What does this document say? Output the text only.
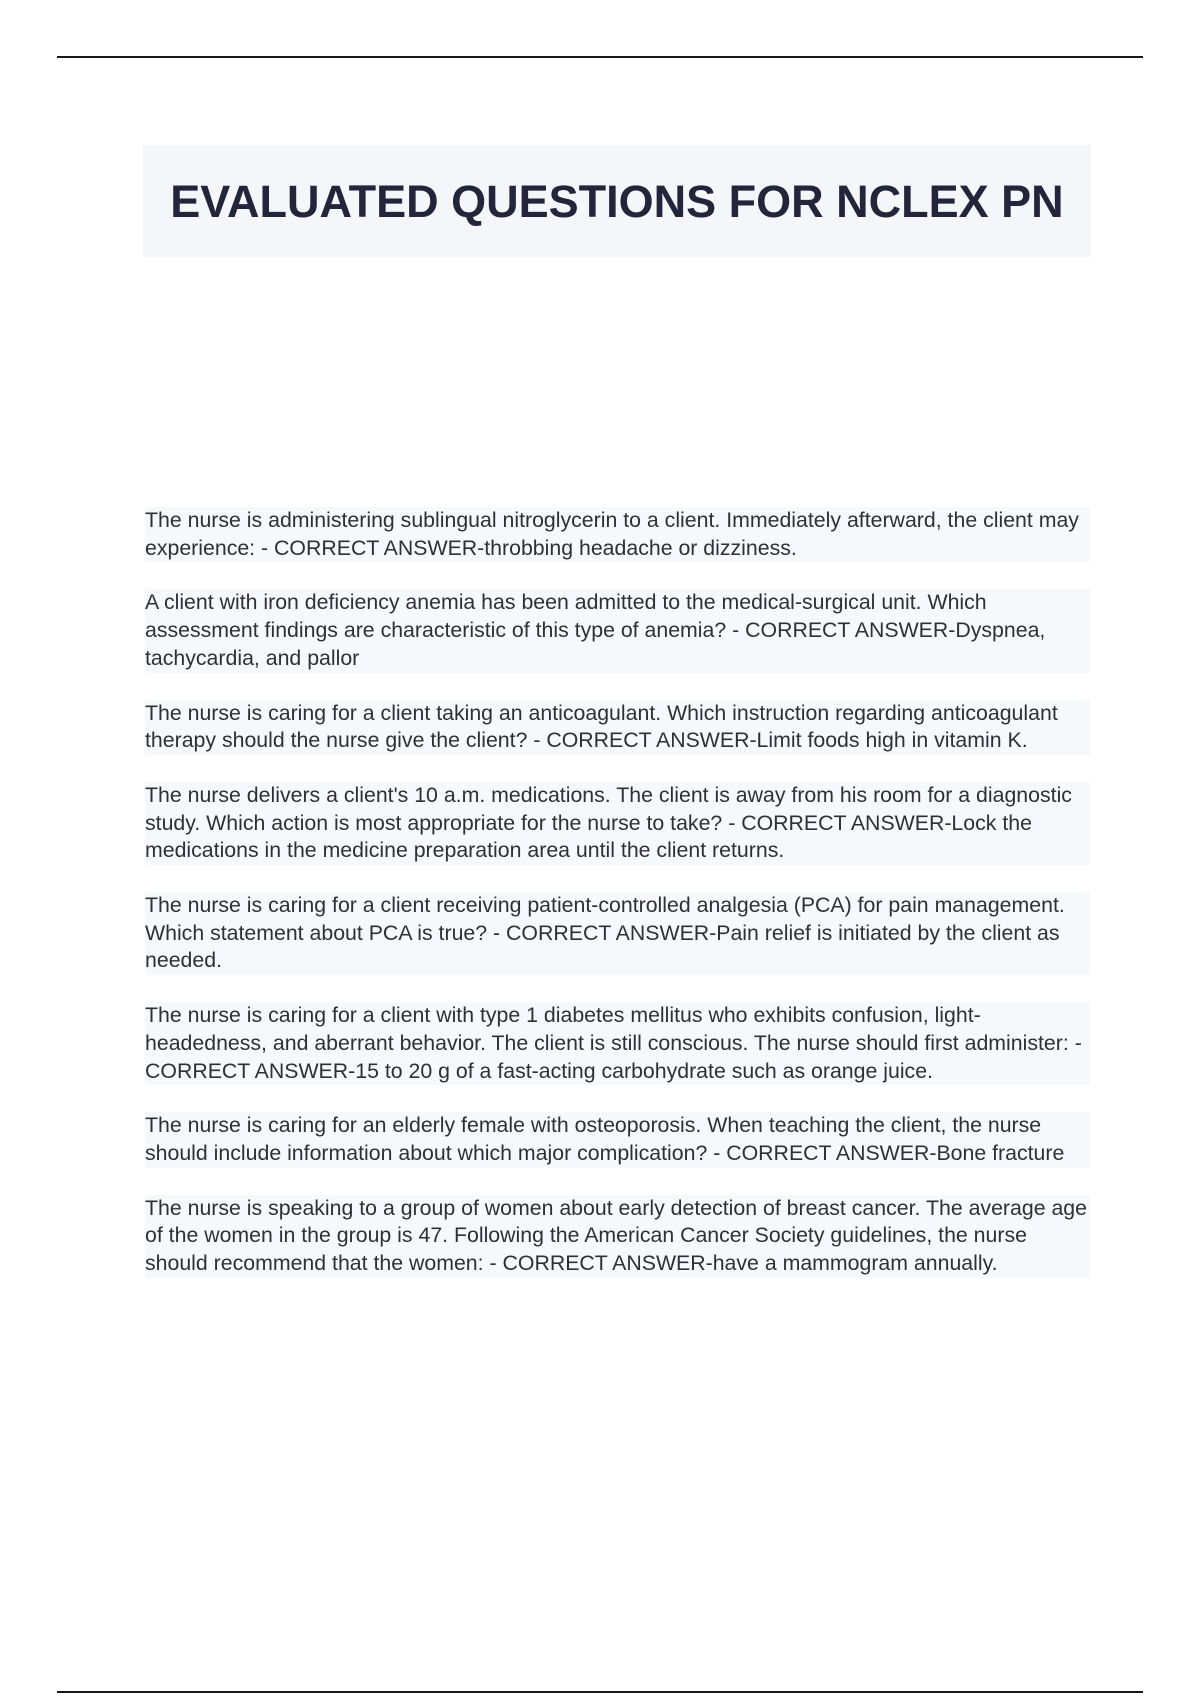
EVALUATED QUESTIONS FOR NCLEX PN

The nurse is administering sublingual nitroglycerin to a client. Immediately afterward, the client may experience: - CORRECT ANSWER-throbbing headache or dizziness.

A client with iron deficiency anemia has been admitted to the medical-surgical unit. Which assessment findings are characteristic of this type of anemia? - CORRECT ANSWER-Dyspnea, tachycardia, and pallor

The nurse is caring for a client taking an anticoagulant. Which instruction regarding anticoagulant therapy should the nurse give the client? - CORRECT ANSWER-Limit foods high in vitamin K.

The nurse delivers a client's 10 a.m. medications. The client is away from his room for a diagnostic study. Which action is most appropriate for the nurse to take? - CORRECT ANSWER-Lock the medications in the medicine preparation area until the client returns.

The nurse is caring for a client receiving patient-controlled analgesia (PCA) for pain management. Which statement about PCA is true? - CORRECT ANSWER-Pain relief is initiated by the client as needed.

The nurse is caring for a client with type 1 diabetes mellitus who exhibits confusion, light-headedness, and aberrant behavior. The client is still conscious. The nurse should first administer: - CORRECT ANSWER-15 to 20 g of a fast-acting carbohydrate such as orange juice.

The nurse is caring for an elderly female with osteoporosis. When teaching the client, the nurse should include information about which major complication? - CORRECT ANSWER-Bone fracture

The nurse is speaking to a group of women about early detection of breast cancer. The average age of the women in the group is 47. Following the American Cancer Society guidelines, the nurse should recommend that the women: - CORRECT ANSWER-have a mammogram annually.
